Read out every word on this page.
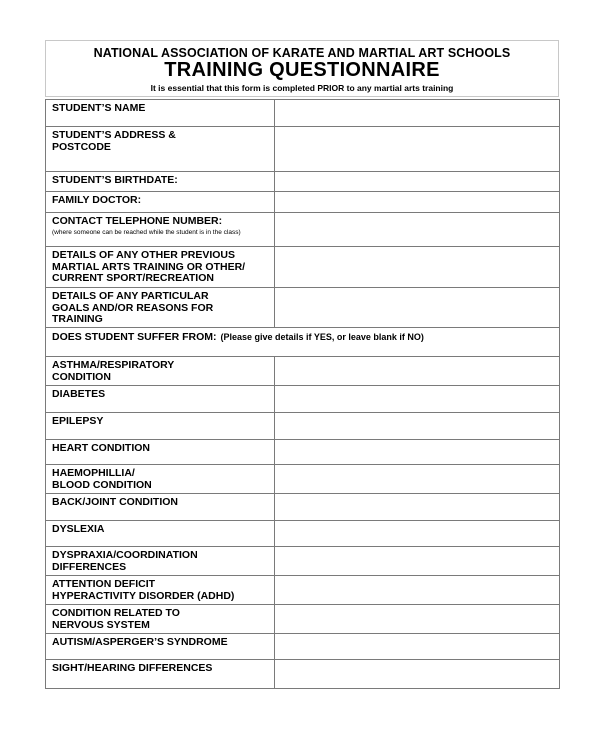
NATIONAL ASSOCIATION OF KARATE AND MARTIAL ART SCHOOLS
TRAINING QUESTIONNAIRE
It is essential that this form is completed PRIOR to any martial arts training
STUDENT’S NAME	

STUDENT’S ADDRESS &
POSTCODE	

STUDENT’S BIRTHDATE:	

FAMILY DOCTOR:	

CONTACT TELEPHONE NUMBER:
(where someone can be reached while the student is in the class)	

DETAILS OF ANY OTHER PREVIOUS
MARTIAL ARTS TRAINING OR OTHER/
CURRENT SPORT/RECREATION	

DETAILS OF ANY PARTICULAR
GOALS AND/OR REASONS FOR
TRAINING	

DOES STUDENT SUFFER FROM: (Please give details if YES, or leave blank if NO)	
ASTHMA/RESPIRATORY
CONDITION	

DIABETES	

EPILEPSY	

HEART CONDITION	

HAEMOPHILLIA/
BLOOD CONDITION	

BACK/JOINT CONDITION	

DYSLEXIA	

DYSPRAXIA/COORDINATION
DIFFERENCES	

ATTENTION DEFICIT
HYPERACTIVITY DISORDER (ADHD)	

CONDITION RELATED TO
NERVOUS SYSTEM	

AUTISM/ASPERGER’S SYNDROME	

SIGHT/HEARING DIFFERENCES	
